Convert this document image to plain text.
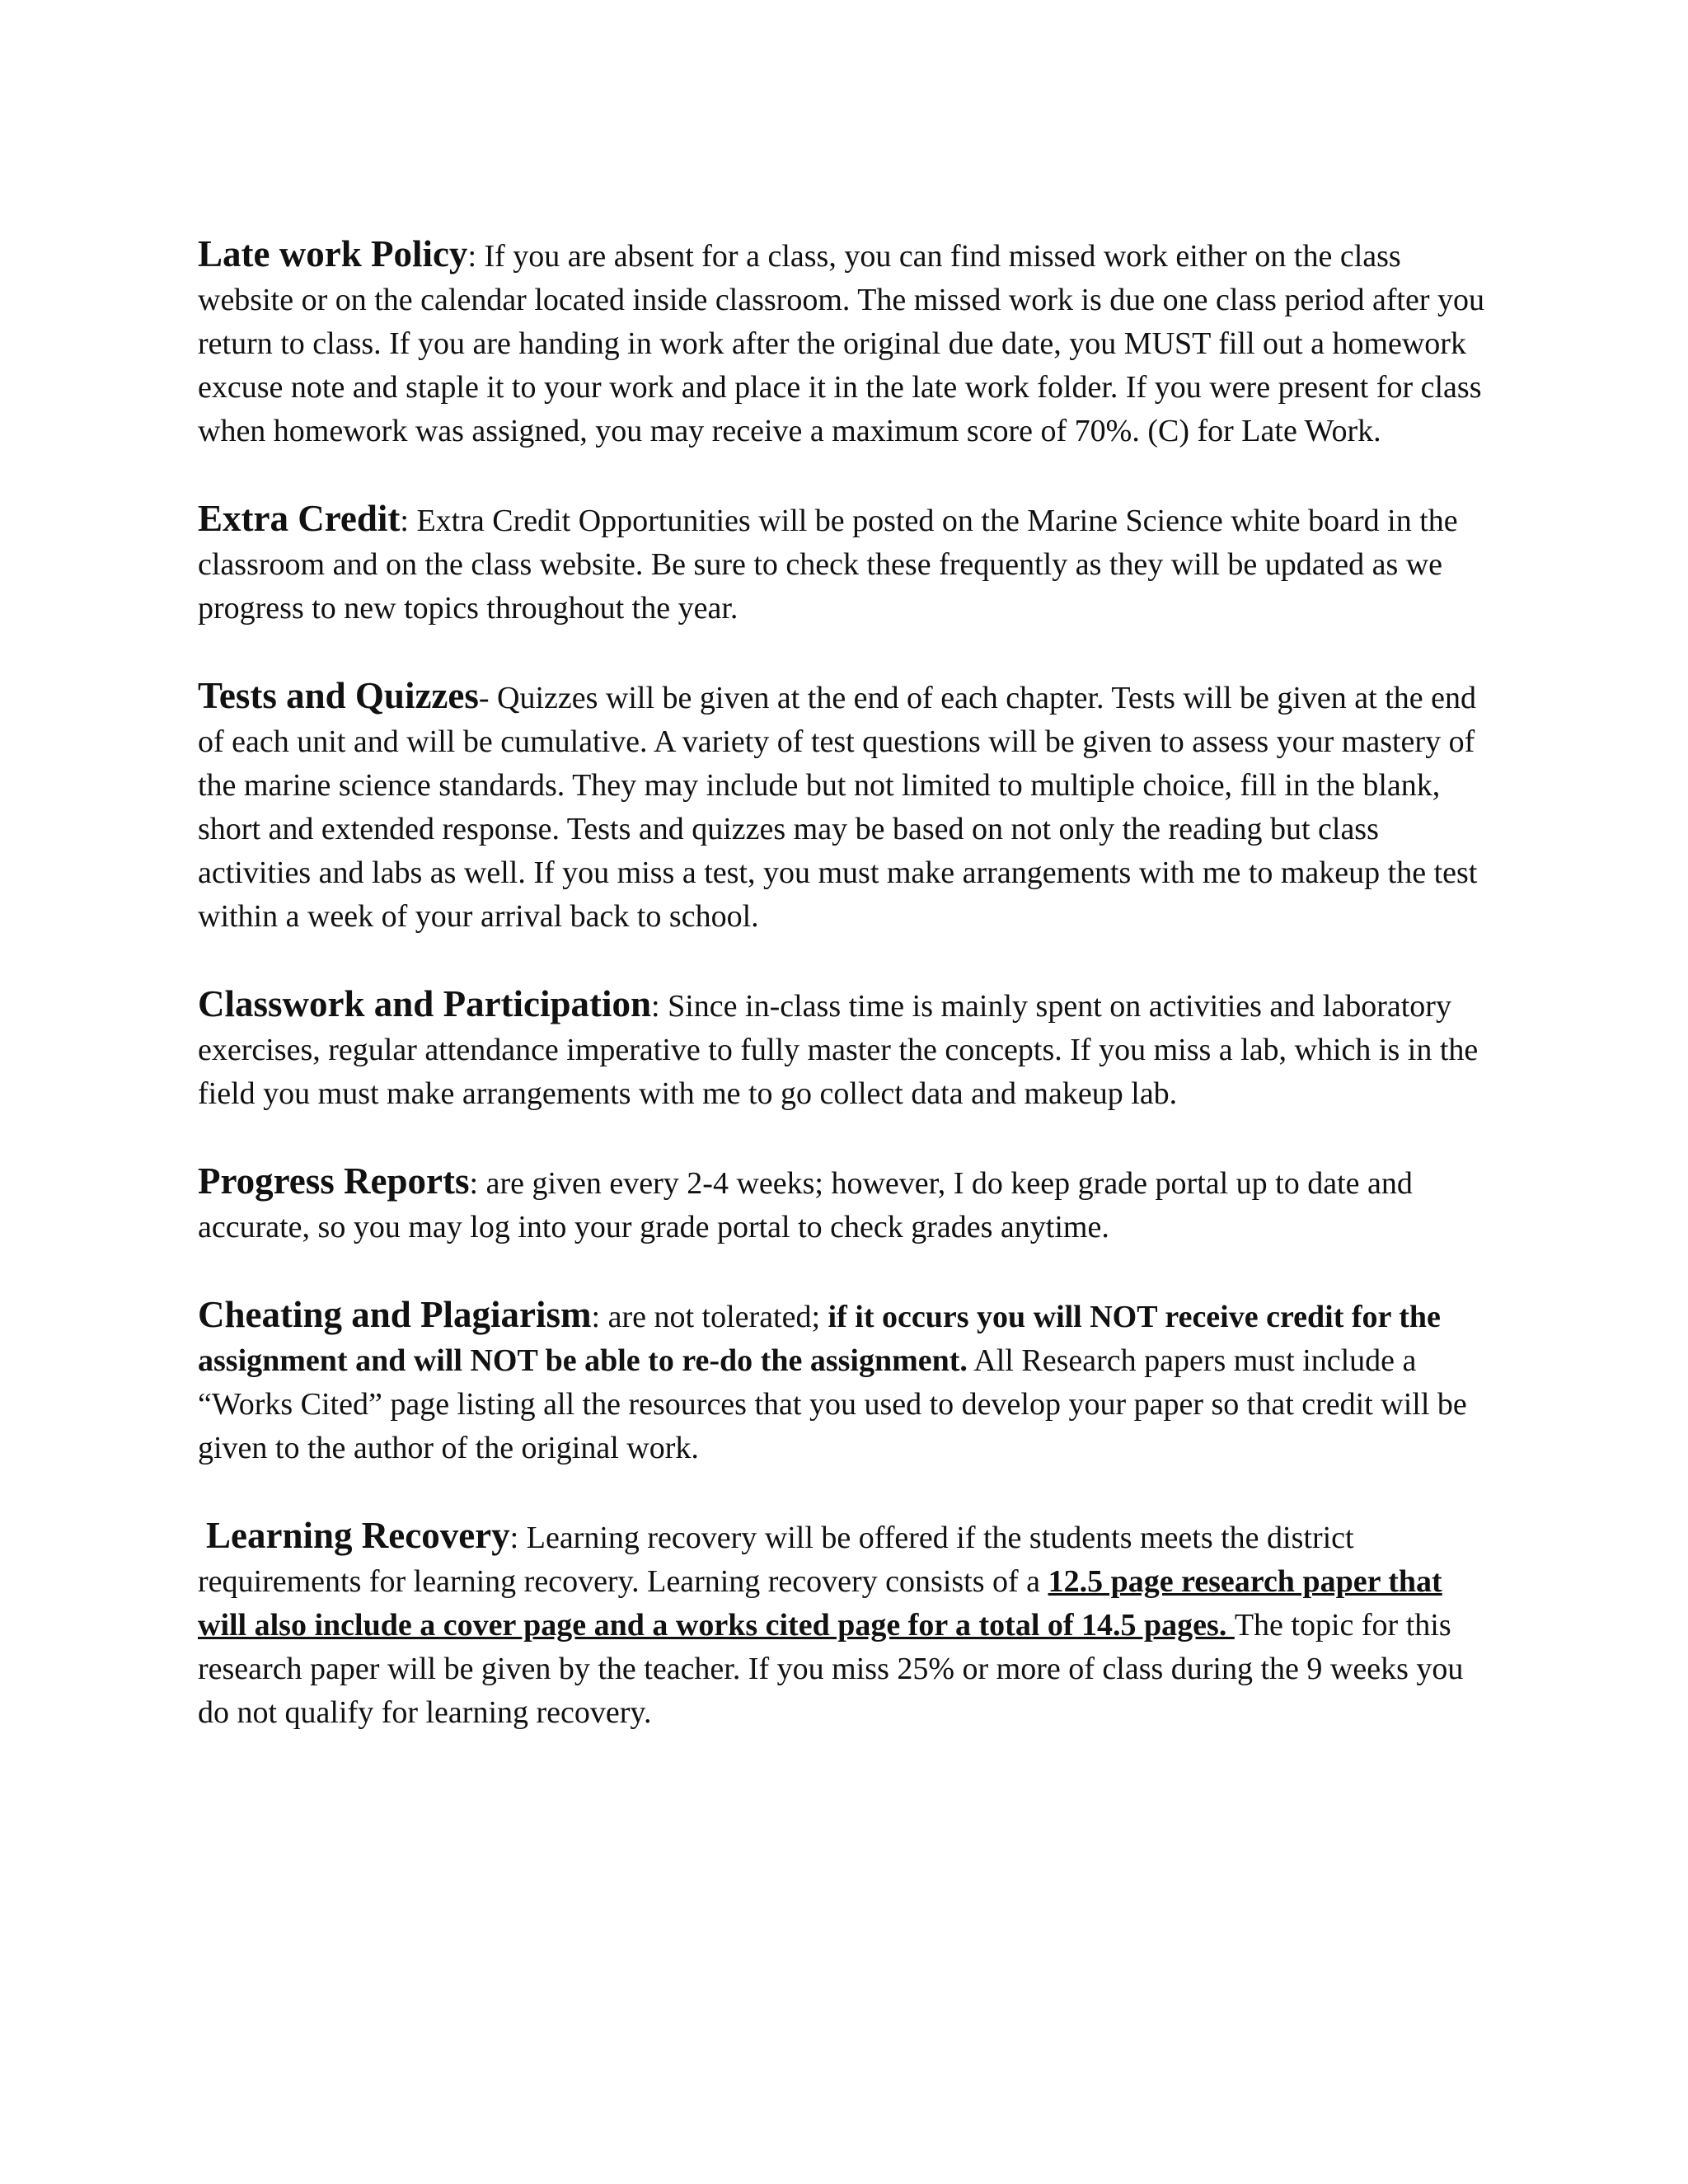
Late work Policy: If you are absent for a class, you can find missed work either on the class website or on the calendar located inside classroom. The missed work is due one class period after you return to class. If you are handing in work after the original due date, you MUST fill out a homework excuse note and staple it to your work and place it in the late work folder. If you were present for class when homework was assigned, you may receive a maximum score of 70%. (C) for Late Work.

Extra Credit: Extra Credit Opportunities will be posted on the Marine Science white board in the classroom and on the class website. Be sure to check these frequently as they will be updated as we progress to new topics throughout the year.

Tests and Quizzes- Quizzes will be given at the end of each chapter. Tests will be given at the end of each unit and will be cumulative. A variety of test questions will be given to assess your mastery of the marine science standards. They may include but not limited to multiple choice, fill in the blank, short and extended response. Tests and quizzes may be based on not only the reading but class activities and labs as well. If you miss a test, you must make arrangements with me to makeup the test within a week of your arrival back to school.

Classwork and Participation: Since in-class time is mainly spent on activities and laboratory exercises, regular attendance imperative to fully master the concepts. If you miss a lab, which is in the field you must make arrangements with me to go collect data and makeup lab.

Progress Reports: are given every 2-4 weeks; however, I do keep grade portal up to date and accurate, so you may log into your grade portal to check grades anytime.

Cheating and Plagiarism: are not tolerated; if it occurs you will NOT receive credit for the assignment and will NOT be able to re-do the assignment. All Research papers must include a “Works Cited” page listing all the resources that you used to develop your paper so that credit will be given to the author of the original work.

Learning Recovery: Learning recovery will be offered if the students meets the district requirements for learning recovery. Learning recovery consists of a 12.5 page research paper that will also include a cover page and a works cited page for a total of 14.5 pages. The topic for this research paper will be given by the teacher. If you miss 25% or more of class during the 9 weeks you do not qualify for learning recovery.
